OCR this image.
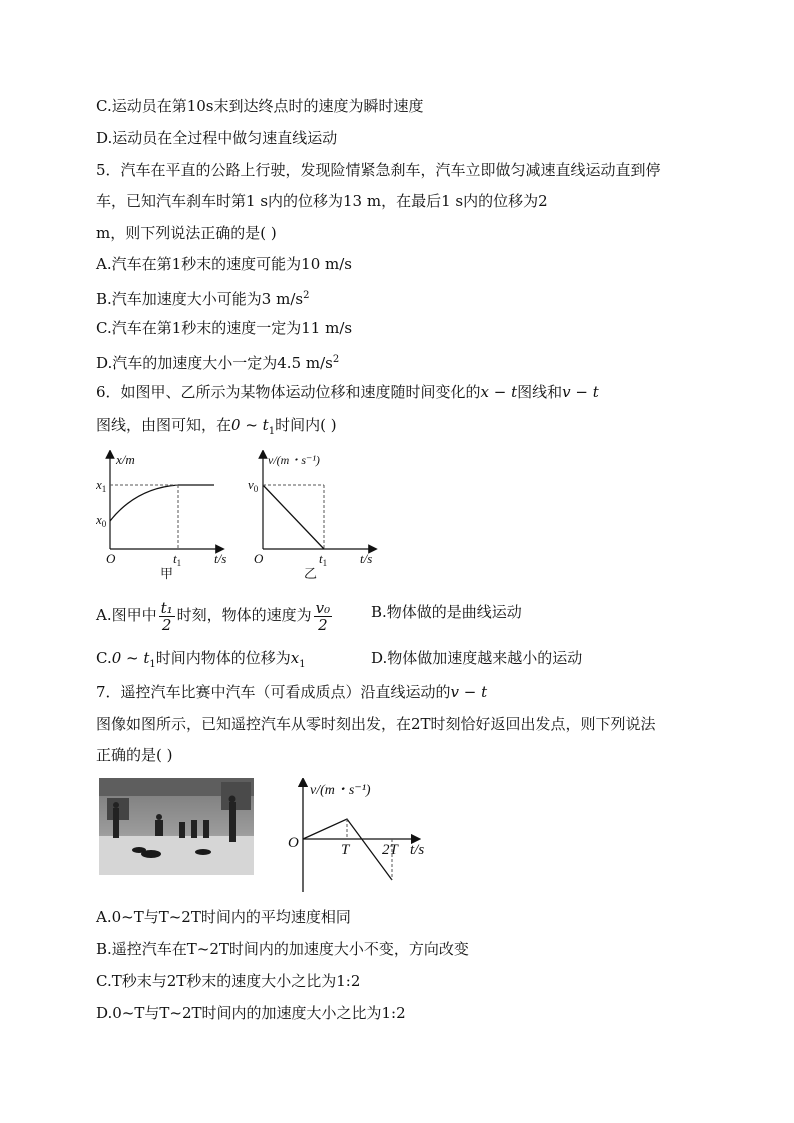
C.运动员在第10s末到达终点时的速度为瞬时速度
D.运动员在全过程中做匀速直线运动
5．汽车在平直的公路上行驶，发现险情紧急刹车，汽车立即做匀减速直线运动直到停
车，已知汽车刹车时第1 s内的位移为13 m，在最后1 s内的位移为2
m，则下列说法正确的是( )
A.汽车在第1秒末的速度可能为10 m/s
B.汽车加速度大小可能为3 $m/s^2$
C.汽车在第1秒末的速度一定为11 m/s
D.汽车的加速度大小一定为4.5 $m/s^2$
6．如图甲、乙所示为某物体运动位移和速度随时间变化的x − t图线和v − t
图线，由图可知，在0 ~ $t_1$时间内( )
x/m
$x_1$
$x_0$
O	$t_1$	t/s
甲
v/(m・s⁻¹)
$v_0$
O	$t_1$	t/s
乙
A.图甲中 $\frac{\text{t₁}}{2}$ 时刻，物体的速度为 $\frac{\text{v₀}}{2}$	B.物体做的是曲线运动
C.0 ~ $t_1$时间内物体的位移为$x_1$	D.物体做加速度越来越小的运动
7．遥控汽车比赛中汽车（可看成质点）沿直线运动的v − t
图像如图所示，已知遥控汽车从零时刻出发，在2T时刻恰好返回出发点，则下列说法
正确的是( )
v/(m・s⁻¹)
O	T 2T t/s
A.0~T与T~2T时间内的平均速度相同
B.遥控汽车在T~2T时间内的加速度大小不变，方向改变
C.T秒末与2T秒末的速度大小之比为1:2
D.0~T与T~2T时间内的加速度大小之比为1:2
